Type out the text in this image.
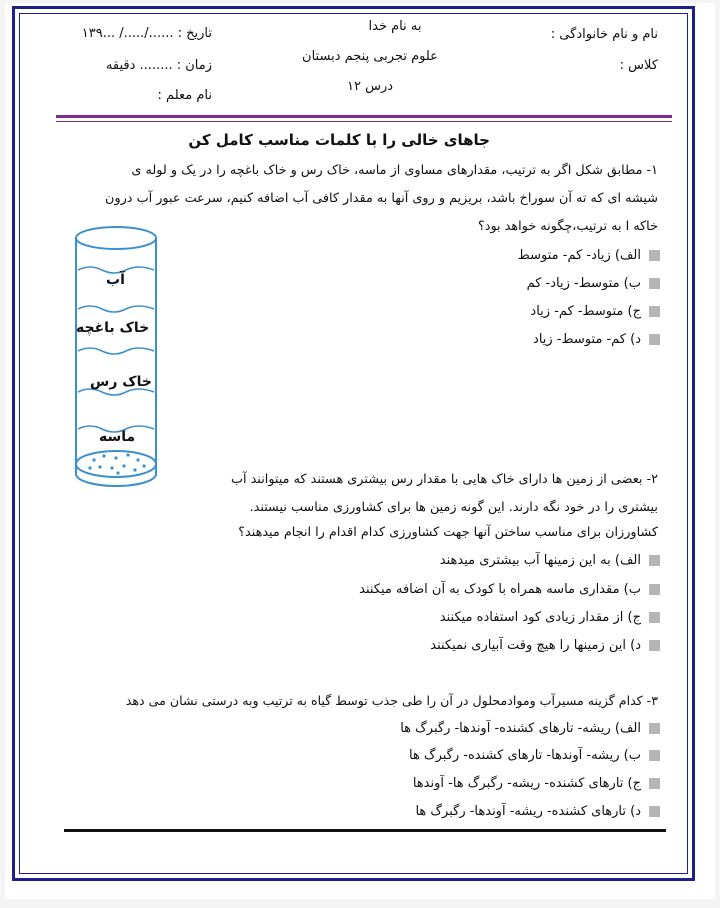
نام و نام خانوادگی :
کلاس :
به نام خدا
علوم تجربی پنجم دبستان
درس ۱۲
تاریخ : ....../...../ ...۱۳۹
زمان : ........ دقیقه
نام معلم :
جاهای خالی را با کلمات مناسب کامل کن
۱- مطابق شکل اگر به ترتیب، مقدارهای مساوی از ماسه، خاک رس و خاک باغچه را در یک و لوله ی
شیشه ای که ته آن سوراخ باشد، بریزیم و روی آنها به مقدار کافی آب اضافه کنیم، سرعت عبور آب درون
خاکه ا به ترتیب،چگونه خواهد بود؟
الف) زیاد- کم- متوسط
ب) متوسط- زیاد- کم
ج) متوسط- کم- زیاد
د) کم- متوسط- زیاد
آب
خاک باغچه
خاک رس
ماسه
۲- بعضی از زمین ها دارای خاک هایی با مقدار رس بیشتری هستند که میتوانند آب
بیشتری را در خود نگه دارند. این گونه زمین ها برای کشاورزی مناسب نیستند.
کشاورزان برای مناسب ساختن آنها جهت کشاورزی کدام اقدام را انجام میدهند؟
الف) به این زمینها آب بیشتری میدهند
ب) مقداری ماسه همراه با کودک به آن اضافه میکنند
ج) از مقدار زیادی کود استفاده میکنند
د) این زمینها را هیچ وقت آبیاری نمیکنند
۳- کدام گزینه مسیرآب وموادمحلول در آن را طی جذب توسط گیاه به ترتیب وبه درستی نشان می دهد
الف) ریشه- تارهای کشنده- آوندها- رگبرگ ها
ب) ریشه- آوندها- تارهای کشنده- رگبرگ ها
ج) تارهای کشنده- ریشه- رگبرگ ها- آوندها
د) تارهای کشنده- ریشه- آوندها- رگبرگ ها
